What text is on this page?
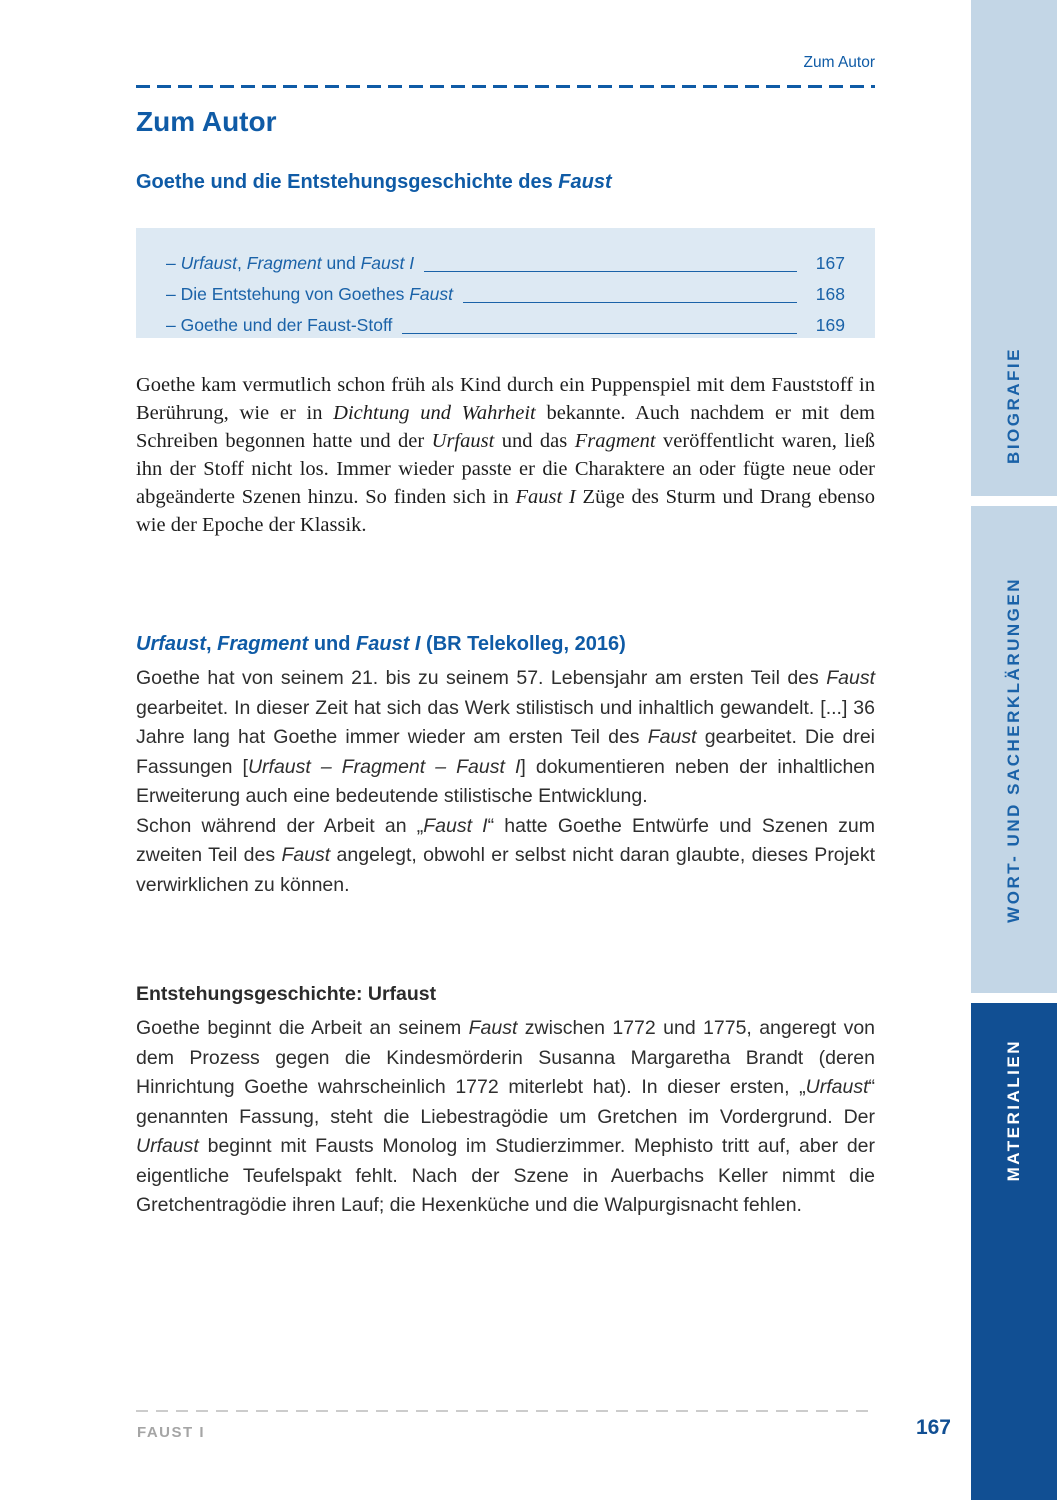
Zum Autor
Zum Autor
Goethe und die Entstehungsgeschichte des Faust
– Urfaust, Fragment und Faust I	167
– Die Entstehung von Goethes Faust	168
– Goethe und der Faust-Stoff	169

Goethe kam vermutlich schon früh als Kind durch ein Puppenspiel mit dem Fauststoff in Berührung, wie er in Dichtung und Wahrheit bekannte. Auch nachdem er mit dem Schreiben begonnen hatte und der Urfaust und das Fragment veröffentlicht waren, ließ ihn der Stoff nicht los. Immer wieder passte er die Charaktere an oder fügte neue oder abgeänderte Szenen hinzu. So finden sich in Faust I Züge des Sturm und Drang ebenso wie der Epoche der Klassik.

Urfaust, Fragment und Faust I (BR Telekolleg, 2016)

Goethe hat von seinem 21. bis zu seinem 57. Lebensjahr am ersten Teil des Faust gearbeitet. In dieser Zeit hat sich das Werk stilistisch und inhaltlich gewandelt. [...] 36 Jahre lang hat Goethe immer wieder am ersten Teil des Faust gearbeitet. Die drei Fassungen [Urfaust – Fragment – Faust I] dokumentieren neben der inhaltlichen Erweiterung auch eine bedeutende stilistische Entwicklung.

Schon während der Arbeit an „Faust I“ hatte Goethe Entwürfe und Szenen zum zweiten Teil des Faust angelegt, obwohl er selbst nicht daran glaubte, dieses Projekt verwirklichen zu können.

Entstehungsgeschichte: Urfaust

Goethe beginnt die Arbeit an seinem Faust zwischen 1772 und 1775, angeregt von dem Prozess gegen die Kindesmörderin Susanna Margaretha Brandt (deren Hinrichtung Goethe wahrscheinlich 1772 miterlebt hat). In dieser ersten, „Urfaust“ genannten Fassung, steht die Liebestragödie um Gretchen im Vordergrund. Der Urfaust beginnt mit Fausts Monolog im Studierzimmer. Mephisto tritt auf, aber der eigentliche Teufelspakt fehlt. Nach der Szene in Auerbachs Keller nimmt die Gretchentragödie ihren Lauf; die Hexenküche und die Walpurgisnacht fehlen.

BIOGRAFIE
WORT- UND SACHERKLÄRUNGEN
MATERIALIEN
FAUST I	167
